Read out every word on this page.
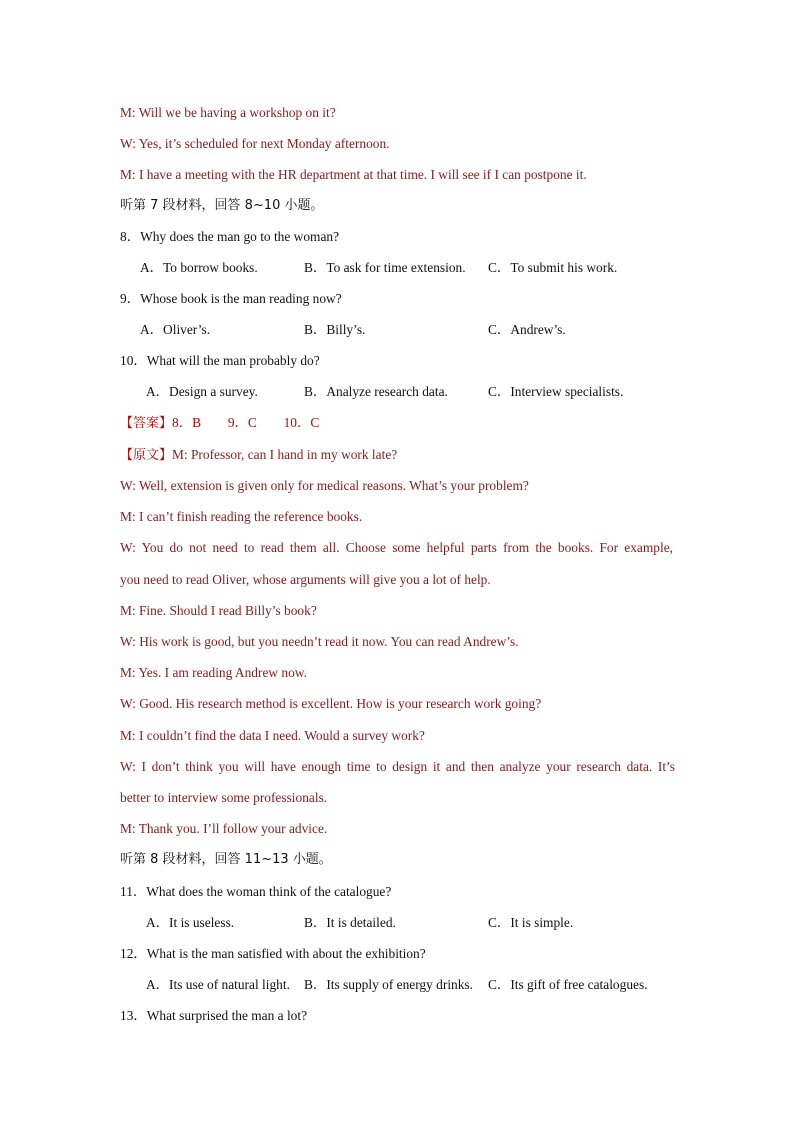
M: Will we be having a workshop on it?
W: Yes, it’s scheduled for next Monday afternoon.
M: I have a meeting with the HR department at that time. I will see if I can postpone it.
听第 7 段材料，回答 8~10 小题。
8．Why does the man go to the woman?
A．To borrow books.	B．To ask for time extension. C．To submit his work.
9．Whose book is the man reading now?
A．Oliver’s.	B．Billy’s.	C．Andrew’s.
10．What will the man probably do?
A．Design a survey.	B．Analyze research data.	C．Interview specialists.
【答案】8．B　　9．C　　10．C
【原文】M: Professor, can I hand in my work late?
W: Well, extension is given only for medical reasons. What’s your problem?
M: I can’t finish reading the reference books.
W: You do not need to read them all. Choose some helpful parts from the books. For example,
you need to read Oliver, whose arguments will give you a lot of help.
M: Fine. Should I read Billy’s book?
W: His work is good, but you needn’t read it now. You can read Andrew’s.
M: Yes. I am reading Andrew now.
W: Good. His research method is excellent. How is your research work going?
M: I couldn’t find the data I need. Would a survey work?
W: I don’t think you will have enough time to design it and then analyze your research data. It’s
better to interview some professionals.
M: Thank you. I’ll follow your advice.
听第 8 段材料，回答 11~13 小题。
11．What does the woman think of the catalogue?
A．It is useless.	B．It is detailed.	C．It is simple.
12．What is the man satisfied with about the exhibition?
A．Its use of natural light. B．Its supply of energy drinks. C．Its gift of free catalogues.
13．What surprised the man a lot?
